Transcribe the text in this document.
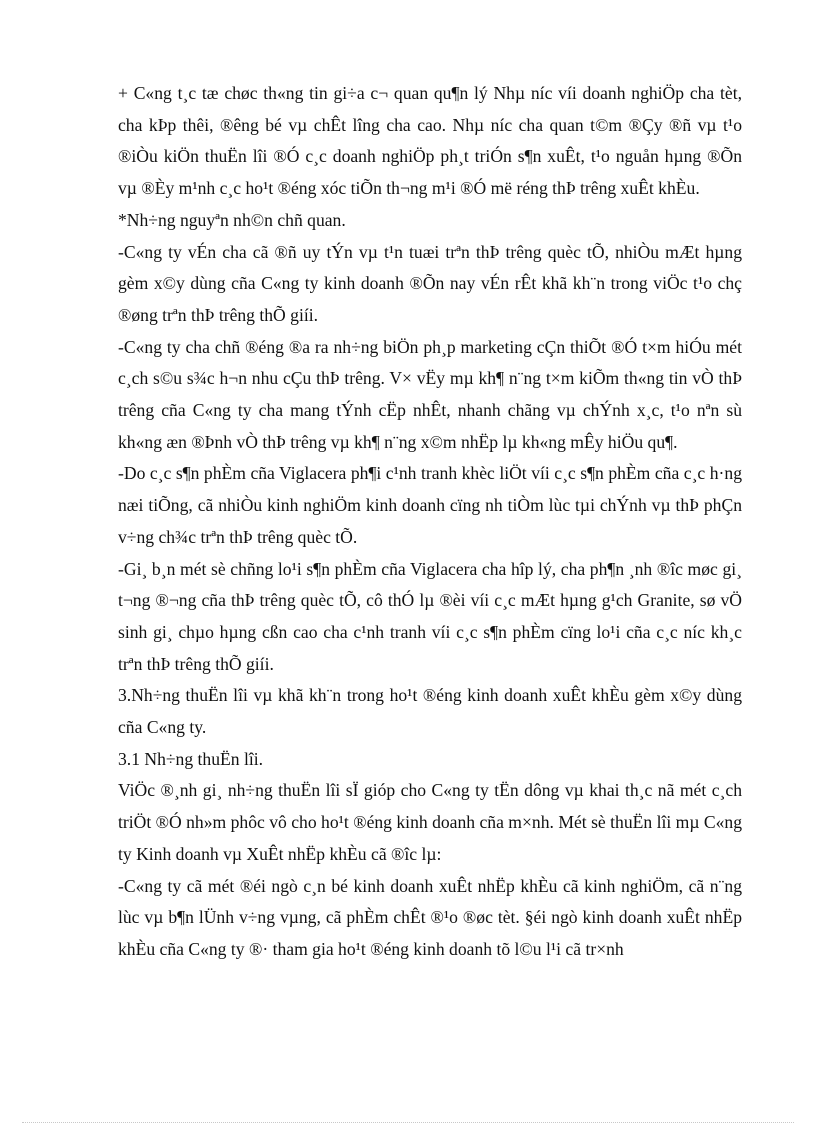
+ C«ng t¸c tæ chøc th«ng tin gi÷a c¬ quan qu¶n lý Nhµ níc víi doanh nghiÖp cha tèt, cha kÞp thêi, ®êng bé vµ chÊt lîng cha cao. Nhµ níc cha quan t©m ®Çy ®ñ vµ t¹o ®iÒu kiÖn thuËn lîi ®Ó c¸c doanh nghiÖp ph¸t triÓn s¶n xuÊt, t¹o nguån hµng ®Õn vµ ®Èy m¹nh c¸c ho¹t ®éng xóc tiÕn th¬ng m¹i ®Ó më réng thÞ trêng xuÊt khÈu.

*Nh÷ng nguyªn nh©n chñ quan.

-C«ng ty vÉn cha cã ®ñ uy tÝn vµ t¹n tuæi trªn thÞ trêng quèc tÕ, nhiÒu mÆt hµng gèm x©y dùng cña C«ng ty kinh doanh ®Õn nay vÉn rÊt khã kh¨n trong viÖc t¹o chç ®øng trªn thÞ trêng thÕ giíi.

-C«ng ty cha chñ ®éng ®a ra nh÷ng biÖn ph¸p marketing cÇn thiÕt ®Ó t×m hiÓu mét c¸ch s©u s¾c h¬n nhu cÇu thÞ trêng. V× vËy mµ kh¶ n¨ng t×m kiÕm th«ng tin vÒ thÞ trêng cña C«ng ty cha mang tÝnh cËp nhÊt, nhanh chãng vµ chÝnh x¸c, t¹o nªn sù kh«ng æn ®Þnh vÒ thÞ trêng vµ kh¶ n¨ng x©m nhËp lµ kh«ng mÊy hiÖu qu¶.

-Do c¸c s¶n phÈm cña Viglacera ph¶i c¹nh tranh khèc liÖt víi c¸c s¶n phÈm cña c¸c h·ng næi tiÕng, cã nhiÒu kinh nghiÖm kinh doanh cïng nh tiÒm lùc tµi chÝnh vµ thÞ phÇn v÷ng ch¾c trªn thÞ trêng quèc tÕ.

-Gi¸ b¸n mét sè chñng lo¹i s¶n phÈm cña Viglacera cha hîp lý, cha ph¶n ¸nh ®îc møc gi¸ t¬ng ®¬ng cña thÞ trêng quèc tÕ, cô thÓ lµ ®èi víi c¸c mÆt hµng g¹ch Granite, sø vÖ sinh gi¸ chµo hµng cßn cao cha c¹nh tranh víi c¸c s¶n phÈm cïng lo¹i cña c¸c níc kh¸c trªn thÞ trêng thÕ giíi.

3.Nh÷ng thuËn lîi vµ khã kh¨n trong ho¹t ®éng kinh doanh xuÊt khÈu gèm x©y dùng cña C«ng ty.

3.1 Nh÷ng thuËn lîi.

ViÖc ®¸nh gi¸ nh÷ng thuËn lîi sÏ gióp cho C«ng ty tËn dông vµ khai th¸c nã mét c¸ch triÖt ®Ó nh»m phôc vô cho ho¹t ®éng kinh doanh cña m×nh. Mét sè thuËn lîi mµ C«ng ty Kinh doanh vµ XuÊt nhËp khÈu cã ®îc lµ:

-C«ng ty cã mét ®éi ngò c¸n bé kinh doanh xuÊt nhËp khÈu cã kinh nghiÖm, cã n¨ng lùc vµ b¶n lÜnh v÷ng vµng, cã phÈm chÊt ®¹o ®øc tèt. §éi ngò kinh doanh xuÊt nhËp khÈu cña C«ng ty ®· tham gia ho¹t ®éng kinh doanh tõ l©u l¹i cã tr×nh
